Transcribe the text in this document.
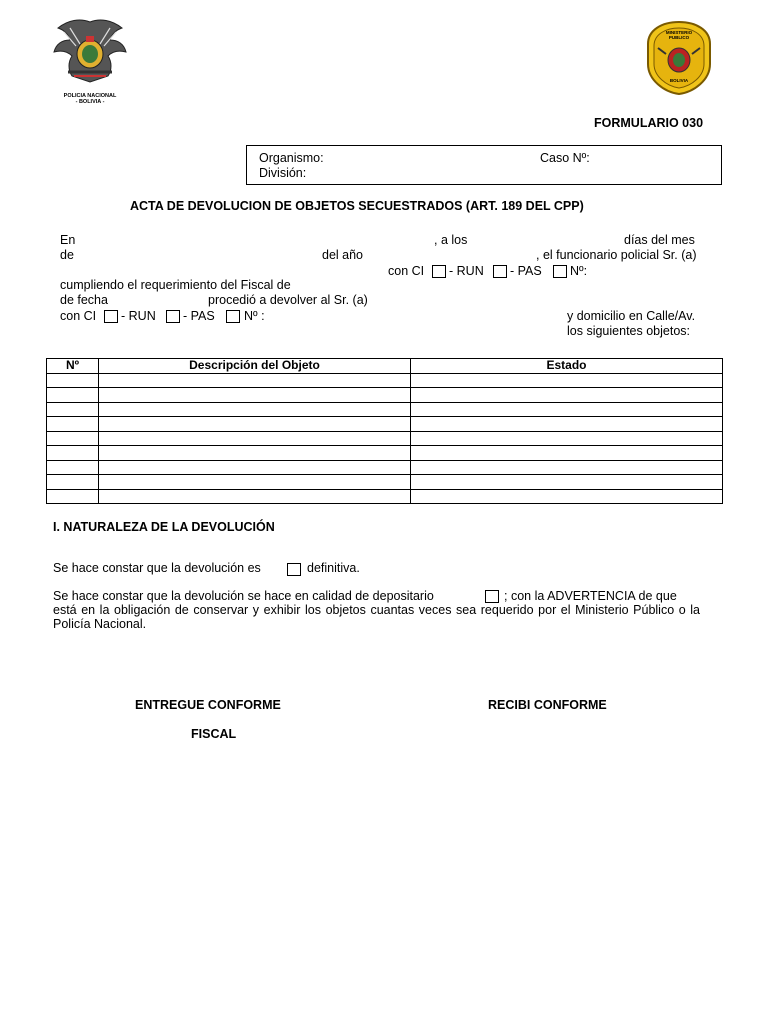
POLICIA NACIONAL
- BOLIVIA -
MINISTERIO PUBLICO
BOLIVIA
FORMULARIO 030
Organismo:	Caso Nº:
División:
ACTA DE DEVOLUCION DE OBJETOS SECUESTRADOS (ART. 189 DEL CPP)
En	, a los	días del mes
de	del año	, el funcionario policial Sr. (a)
con CI - RUN - PAS Nº:
cumpliendo el requerimiento del Fiscal de
de fecha	procedió a devolver al Sr. (a)
con CI - RUN - PAS Nº :	y domicilio en Calle/Av.
los siguientes objetos:
Nº	Descripción del Objeto	Estado

I. NATURALEZA DE LA DEVOLUCIÓN
Se hace constar que la devolución es	definitiva.
Se hace constar que la devolución se hace en calidad de depositario	; con la ADVERTENCIA de que
está en la obligación de conservar y exhibir los objetos cuantas veces sea requerido por el Ministerio Público o la Policía Nacional.
ENTREGUE CONFORME	RECIBI CONFORME
FISCAL
